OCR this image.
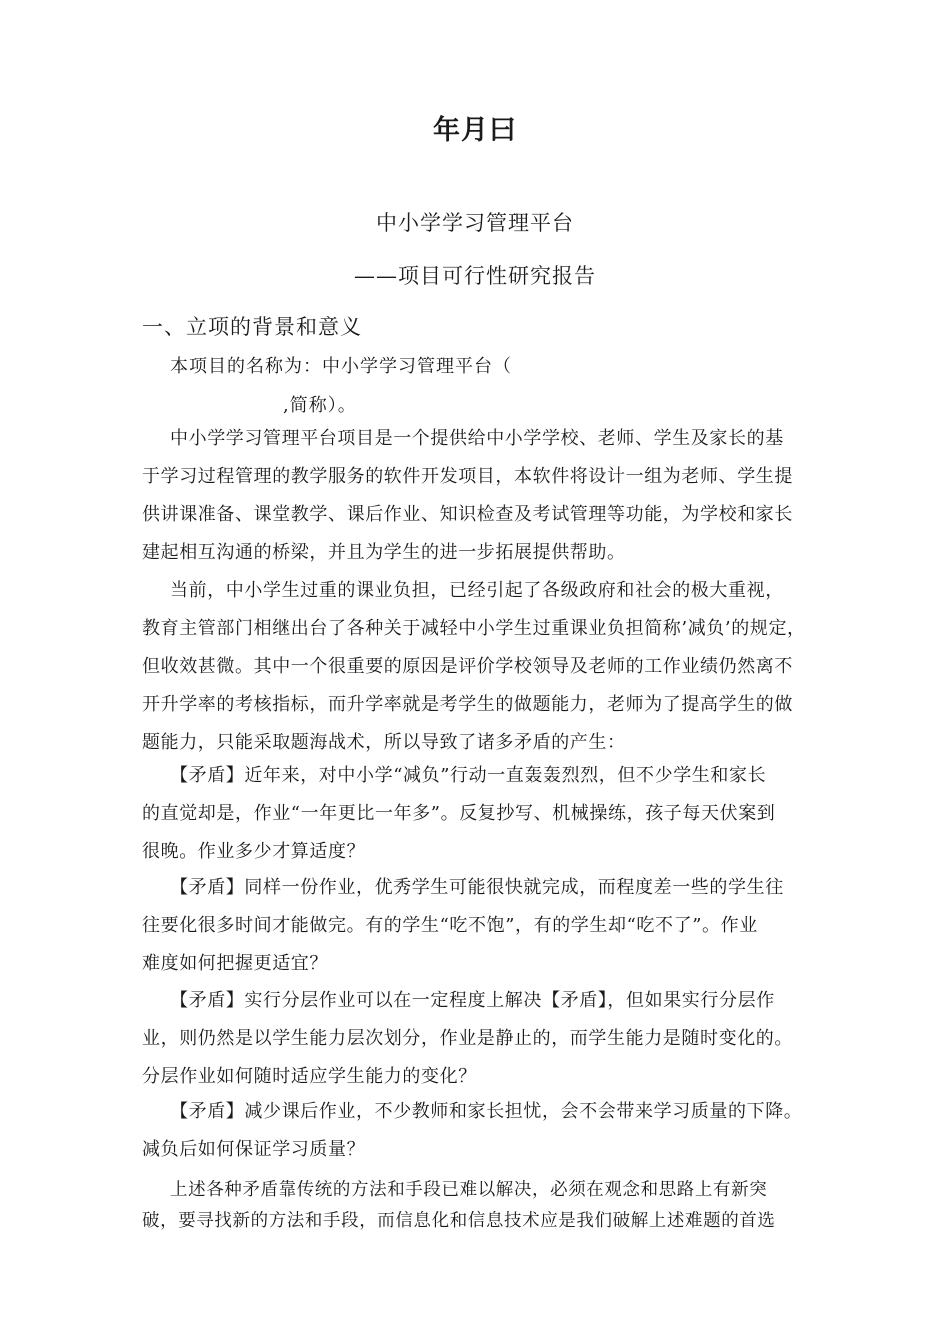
年月曰
中小学学习管理平台
——项目可行性研究报告
一、立项的背景和意义
本项目的名称为：中小学学习管理平台（
,简称）。
中小学学习管理平台项目是一个提供给中小学学校、老师、学生及家长的基
于学习过程管理的教学服务的软件开发项目，本软件将设计一组为老师、学生提
供讲课准备、课堂教学、课后作业、知识检查及考试管理等功能，为学校和家长
建起相互沟通的桥梁，并且为学生的进一步拓展提供帮助。
当前，中小学生过重的课业负担，已经引起了各级政府和社会的极大重视，
教育主管部门相继出台了各种关于减轻中小学生过重课业负担简称’减负’的规定，
但收效甚微。其中一个很重要的原因是评价学校领导及老师的工作业绩仍然离不
开升学率的考核指标，而升学率就是考学生的做题能力，老师为了提高学生的做
题能力，只能采取题海战术，所以导致了诸多矛盾的产生：
【矛盾】近年来，对中小学“减负”行动一直轰轰烈烈，但不少学生和家长
的直觉却是，作业“一年更比一年多”。反复抄写、机械操练，孩子每天伏案到
很晚。作业多少才算适度？
【矛盾】同样一份作业，优秀学生可能很快就完成，而程度差一些的学生往
往要化很多时间才能做完。有的学生“吃不饱”，有的学生却“吃不了”。作业
难度如何把握更适宜？
【矛盾】实行分层作业可以在一定程度上解决【矛盾】，但如果实行分层作
业，则仍然是以学生能力层次划分，作业是静止的，而学生能力是随时变化的。
分层作业如何随时适应学生能力的变化？
【矛盾】减少课后作业，不少教师和家长担忧，会不会带来学习质量的下降。
减负后如何保证学习质量？
上述各种矛盾靠传统的方法和手段已难以解决，必须在观念和思路上有新突
破，要寻找新的方法和手段，而信息化和信息技术应是我们破解上述难题的首选
